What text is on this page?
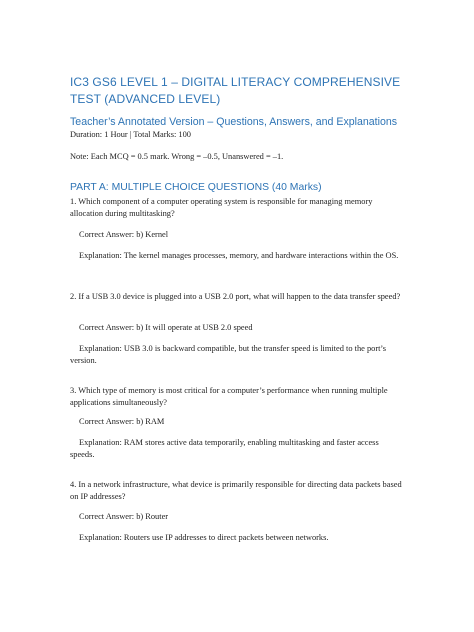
IC3 GS6 LEVEL 1 – DIGITAL LITERACY COMPREHENSIVE TEST (ADVANCED LEVEL)
Teacher’s Annotated Version – Questions, Answers, and Explanations

Duration: 1 Hour | Total Marks: 100

Note: Each MCQ = 0.5 mark. Wrong = –0.5, Unanswered = –1.

PART A: MULTIPLE CHOICE QUESTIONS (40 Marks)

1. Which component of a computer operating system is responsible for managing memory allocation during multitasking?

Correct Answer: b) Kernel

Explanation: The kernel manages processes, memory, and hardware interactions within the OS.

2. If a USB 3.0 device is plugged into a USB 2.0 port, what will happen to the data transfer speed?

Correct Answer: b) It will operate at USB 2.0 speed

Explanation: USB 3.0 is backward compatible, but the transfer speed is limited to the port’s version.

3. Which type of memory is most critical for a computer’s performance when running multiple applications simultaneously?

Correct Answer: b) RAM

Explanation: RAM stores active data temporarily, enabling multitasking and faster access speeds.

4. In a network infrastructure, what device is primarily responsible for directing data packets based on IP addresses?

Correct Answer: b) Router

Explanation: Routers use IP addresses to direct packets between networks.
